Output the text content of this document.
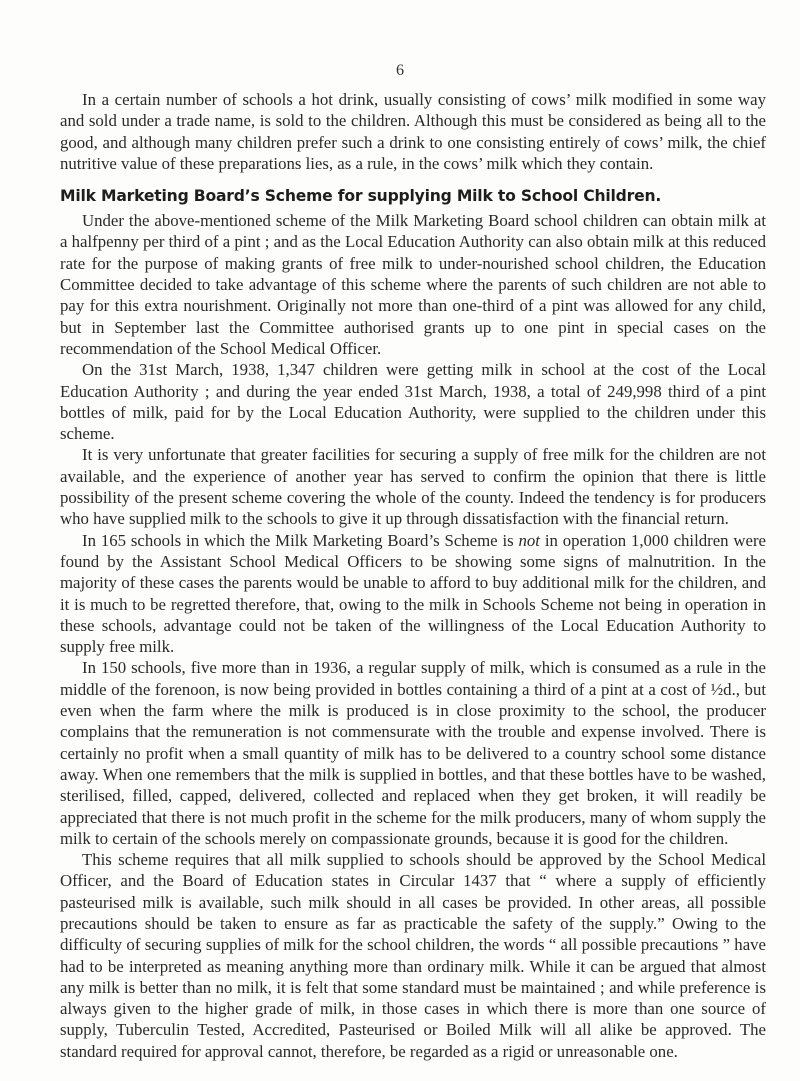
6

In a certain number of schools a hot drink, usually consisting of cows’ milk modified in some way and sold under a trade name, is sold to the children. Although this must be considered as being all to the good, and although many children prefer such a drink to one consisting entirely of cows’ milk, the chief nutritive value of these preparations lies, as a rule, in the cows’ milk which they contain.

Milk Marketing Board’s Scheme for supplying Milk to School Children.

Under the above-mentioned scheme of the Milk Marketing Board school children can obtain milk at a halfpenny per third of a pint ; and as the Local Education Authority can also obtain milk at this reduced rate for the purpose of making grants of free milk to under-nourished school children, the Education Committee decided to take advantage of this scheme where the parents of such children are not able to pay for this extra nourishment. Originally not more than one-third of a pint was allowed for any child, but in September last the Committee authorised grants up to one pint in special cases on the recommendation of the School Medical Officer.

On the 31st March, 1938, 1,347 children were getting milk in school at the cost of the Local Education Authority ; and during the year ended 31st March, 1938, a total of 249,998 third of a pint bottles of milk, paid for by the Local Education Authority, were supplied to the children under this scheme.

It is very unfortunate that greater facilities for securing a supply of free milk for the children are not available, and the experience of another year has served to confirm the opinion that there is little possibility of the present scheme covering the whole of the county. Indeed the tendency is for producers who have supplied milk to the schools to give it up through dissatisfaction with the financial return.

In 165 schools in which the Milk Marketing Board’s Scheme is not in operation 1,000 children were found by the Assistant School Medical Officers to be showing some signs of malnutrition. In the majority of these cases the parents would be unable to afford to buy additional milk for the children, and it is much to be regretted therefore, that, owing to the milk in Schools Scheme not being in operation in these schools, advantage could not be taken of the willingness of the Local Education Authority to supply free milk.

In 150 schools, five more than in 1936, a regular supply of milk, which is consumed as a rule in the middle of the forenoon, is now being provided in bottles containing a third of a pint at a cost of ½d., but even when the farm where the milk is produced is in close proximity to the school, the producer complains that the remuneration is not commensurate with the trouble and expense involved. There is certainly no profit when a small quantity of milk has to be delivered to a country school some distance away. When one remembers that the milk is supplied in bottles, and that these bottles have to be washed, sterilised, filled, capped, delivered, collected and replaced when they get broken, it will readily be appreciated that there is not much profit in the scheme for the milk producers, many of whom supply the milk to certain of the schools merely on compassionate grounds, because it is good for the children.

This scheme requires that all milk supplied to schools should be approved by the School Medical Officer, and the Board of Education states in Circular 1437 that “ where a supply of efficiently pasteurised milk is available, such milk should in all cases be provided. In other areas, all possible precautions should be taken to ensure as far as practicable the safety of the supply.” Owing to the difficulty of securing supplies of milk for the school children, the words “ all possible precautions ” have had to be interpreted as meaning anything more than ordinary milk. While it can be argued that almost any milk is better than no milk, it is felt that some standard must be maintained ; and while preference is always given to the higher grade of milk, in those cases in which there is more than one source of supply, Tuberculin Tested, Accredited, Pasteurised or Boiled Milk will all alike be approved. The standard required for approval cannot, therefore, be regarded as a rigid or unreasonable one.
